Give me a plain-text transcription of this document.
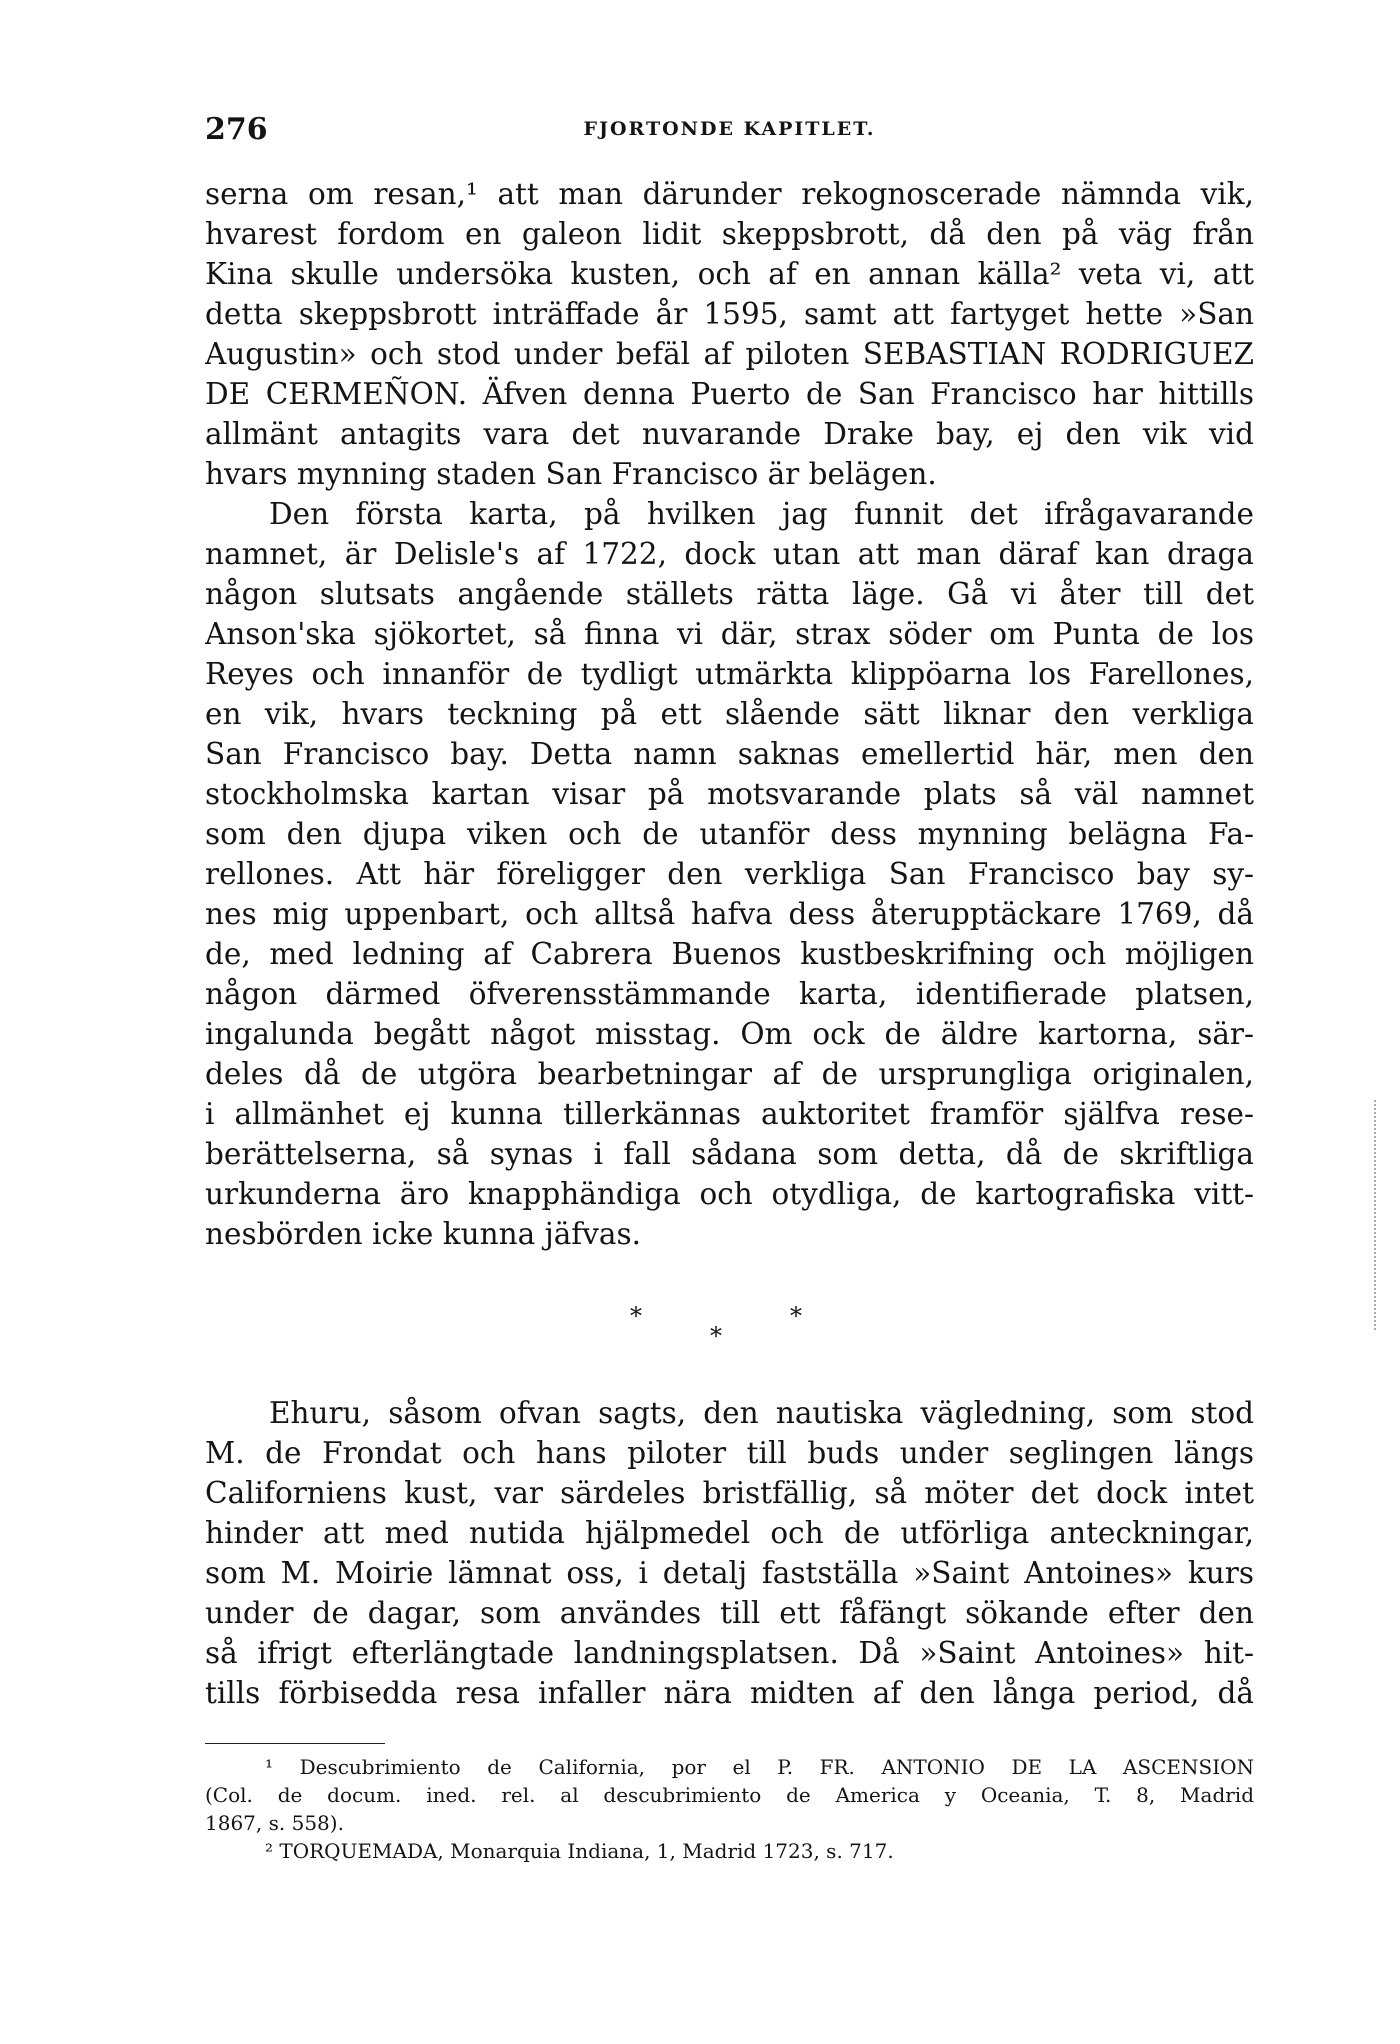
276	FJORTONDE KAPITLET.
serna om resan,¹ att man därunder rekognoscerade nämnda vik,
hvarest fordom en galeon lidit skeppsbrott, då den på väg från
Kina skulle undersöka kusten, och af en annan källa² veta vi, att
detta skeppsbrott inträffade år 1595, samt att fartyget hette »San
Augustin» och stod under befäl af piloten SEBASTIAN RODRIGUEZ
DE CERMEÑON. Äfven denna Puerto de San Francisco har hittills
allmänt antagits vara det nuvarande Drake bay, ej den vik vid
hvars mynning staden San Francisco är belägen.
Den första karta, på hvilken jag funnit det ifrågavarande
namnet, är Delisle's af 1722, dock utan att man däraf kan draga
någon slutsats angående ställets rätta läge. Gå vi åter till det
Anson'ska sjökortet, så finna vi där, strax söder om Punta de los
Reyes och innanför de tydligt utmärkta klippöarna los Farellones,
en vik, hvars teckning på ett slående sätt liknar den verkliga
San Francisco bay. Detta namn saknas emellertid här, men den
stockholmska kartan visar på motsvarande plats så väl namnet
som den djupa viken och de utanför dess mynning belägna Fa-
rellones. Att här föreligger den verkliga San Francisco bay sy-
nes mig uppenbart, och alltså hafva dess återupptäckare 1769, då
de, med ledning af Cabrera Buenos kustbeskrifning och möjligen
någon därmed öfverensstämmande karta, identifierade platsen,
ingalunda begått något misstag. Om ock de äldre kartorna, sär-
deles då de utgöra bearbetningar af de ursprungliga originalen,
i allmänhet ej kunna tillerkännas auktoritet framför själfva rese-
berättelserna, så synas i fall sådana som detta, då de skriftliga
urkunderna äro knapphändiga och otydliga, de kartografiska vitt-
nesbörden icke kunna jäfvas.
*
*
*
Ehuru, såsom ofvan sagts, den nautiska vägledning, som stod
M. de Frondat och hans piloter till buds under seglingen längs
Californiens kust, var särdeles bristfällig, så möter det dock intet
hinder att med nutida hjälpmedel och de utförliga anteckningar,
som M. Moirie lämnat oss, i detalj fastställa »Saint Antoines» kurs
under de dagar, som användes till ett fåfängt sökande efter den
så ifrigt efterlängtade landningsplatsen. Då »Saint Antoines» hit-
tills förbisedda resa infaller nära midten af den långa period, då
¹ Descubrimiento de California, por el P. FR. ANTONIO DE LA ASCENSION
(Col. de docum. ined. rel. al descubrimiento de America y Oceania, T. 8, Madrid
1867, s. 558).
² TORQUEMADA, Monarquia Indiana, 1, Madrid 1723, s. 717.
